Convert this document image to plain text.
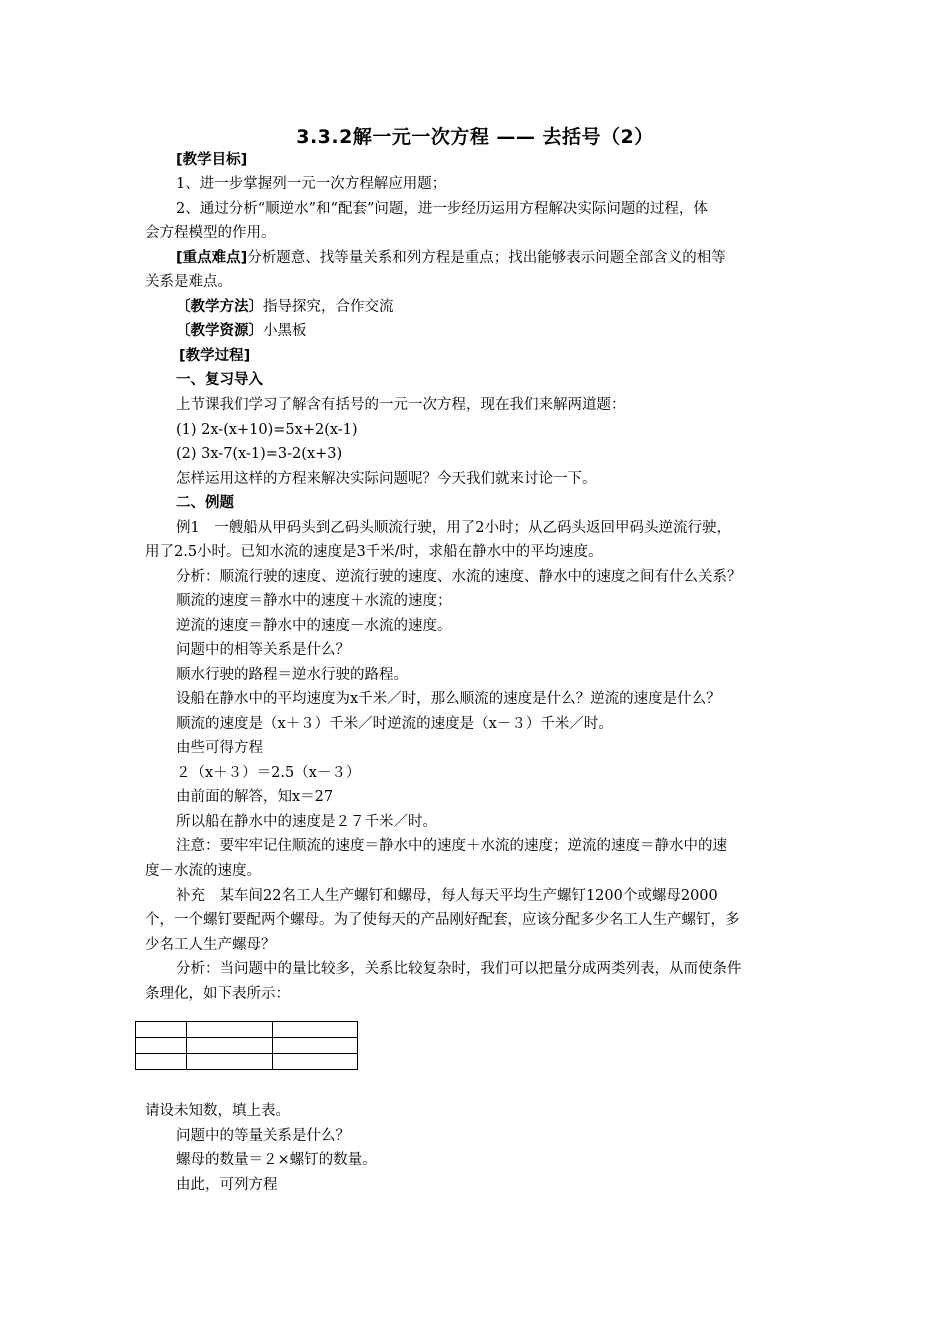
3.3.2解一元一次方程 —— 去括号（2）
[教学目标]
1、进一步掌握列一元一次方程解应用题；
2、通过分析“顺逆水”和“配套”问题，进一步经历运用方程解决实际问题的过程，体
会方程模型的作用。
[重点难点]分析题意、找等量关系和列方程是重点；找出能够表示问题全部含义的相等
关系是难点。
〔教学方法〕指导探究，合作交流
〔教学资源〕小黑板
[教学过程]
一、复习导入
上节课我们学习了解含有括号的一元一次方程，现在我们来解两道题：
(1) 2x-(x+10)=5x+2(x-1)
(2) 3x-7(x-1)=3-2(x+3)
怎样运用这样的方程来解决实际问题呢？今天我们就来讨论一下。
二、例题
例1　一艘船从甲码头到乙码头顺流行驶，用了2小时；从乙码头返回甲码头逆流行驶，
用了2.5小时。已知水流的速度是3千米/时，求船在静水中的平均速度。
分析：顺流行驶的速度、逆流行驶的速度、水流的速度、静水中的速度之间有什么关系？
顺流的速度＝静水中的速度＋水流的速度；
逆流的速度＝静水中的速度－水流的速度。
问题中的相等关系是什么？
顺水行驶的路程＝逆水行驶的路程。
设船在静水中的平均速度为x千米／时，那么顺流的速度是什么？逆流的速度是什么？
顺流的速度是（x＋３）千米／时逆流的速度是（x－３）千米／时。
由些可得方程
２（x＋３）＝2.5（x－３）
由前面的解答，知x＝27
所以船在静水中的速度是２７千米／时。
注意：要牢牢记住顺流的速度＝静水中的速度＋水流的速度；逆流的速度＝静水中的速
度－水流的速度。
补充　某车间22名工人生产螺钉和螺母，每人每天平均生产螺钉1200个或螺母2000
个，一个螺钉要配两个螺母。为了使每天的产品刚好配套，应该分配多少名工人生产螺钉，多
少名工人生产螺母？
分析：当问题中的量比较多，关系比较复杂时，我们可以把量分成两类列表，从而使条件
条理化，如下表所示：

请设未知数，填上表。
问题中的等量关系是什么？
螺母的数量＝２×螺钉的数量。
由此，可列方程
